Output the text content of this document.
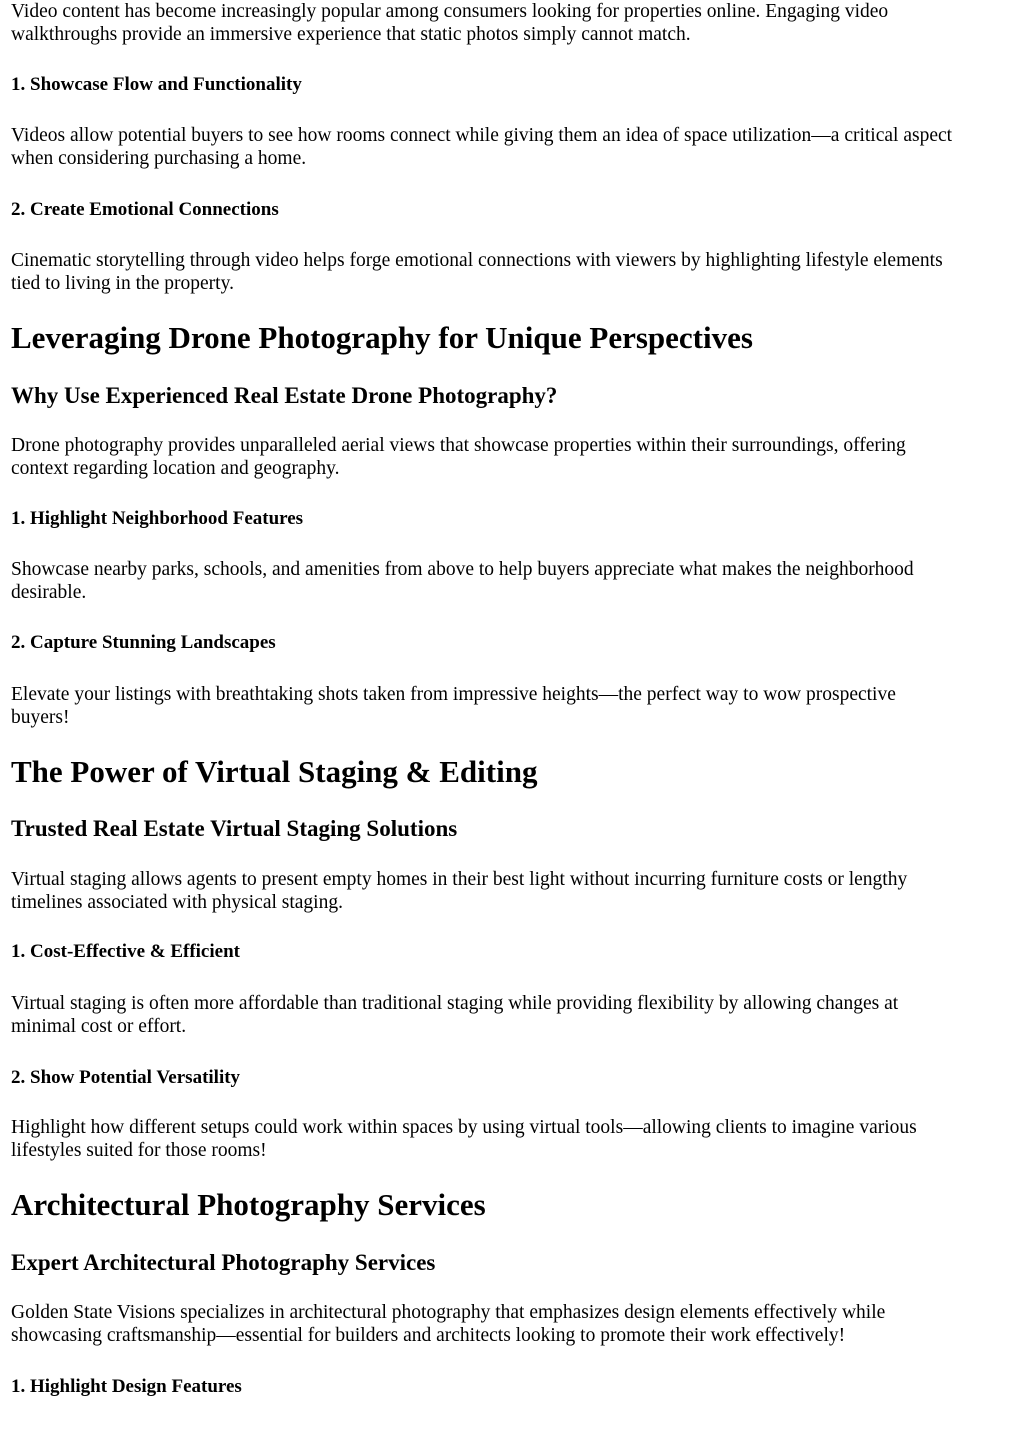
Video content has become increasingly popular among consumers looking for properties online. Engaging video
walkthroughs provide an immersive experience that static photos simply cannot match.

1. Showcase Flow and Functionality

Videos allow potential buyers to see how rooms connect while giving them an idea of space utilization—a critical aspect
when considering purchasing a home.

2. Create Emotional Connections

Cinematic storytelling through video helps forge emotional connections with viewers by highlighting lifestyle elements
tied to living in the property.

Leveraging Drone Photography for Unique Perspectives
Why Use Experienced Real Estate Drone Photography?

Drone photography provides unparalleled aerial views that showcase properties within their surroundings, offering
context regarding location and geography.

1. Highlight Neighborhood Features

Showcase nearby parks, schools, and amenities from above to help buyers appreciate what makes the neighborhood
desirable.

2. Capture Stunning Landscapes

Elevate your listings with breathtaking shots taken from impressive heights—the perfect way to wow prospective
buyers!

The Power of Virtual Staging & Editing
Trusted Real Estate Virtual Staging Solutions

Virtual staging allows agents to present empty homes in their best light without incurring furniture costs or lengthy
timelines associated with physical staging.

1. Cost-Effective & Efficient

Virtual staging is often more affordable than traditional staging while providing flexibility by allowing changes at
minimal cost or effort.

2. Show Potential Versatility

Highlight how different setups could work within spaces by using virtual tools—allowing clients to imagine various
lifestyles suited for those rooms!

Architectural Photography Services
Expert Architectural Photography Services

Golden State Visions specializes in architectural photography that emphasizes design elements effectively while
showcasing craftsmanship—essential for builders and architects looking to promote their work effectively!

1. Highlight Design Features
